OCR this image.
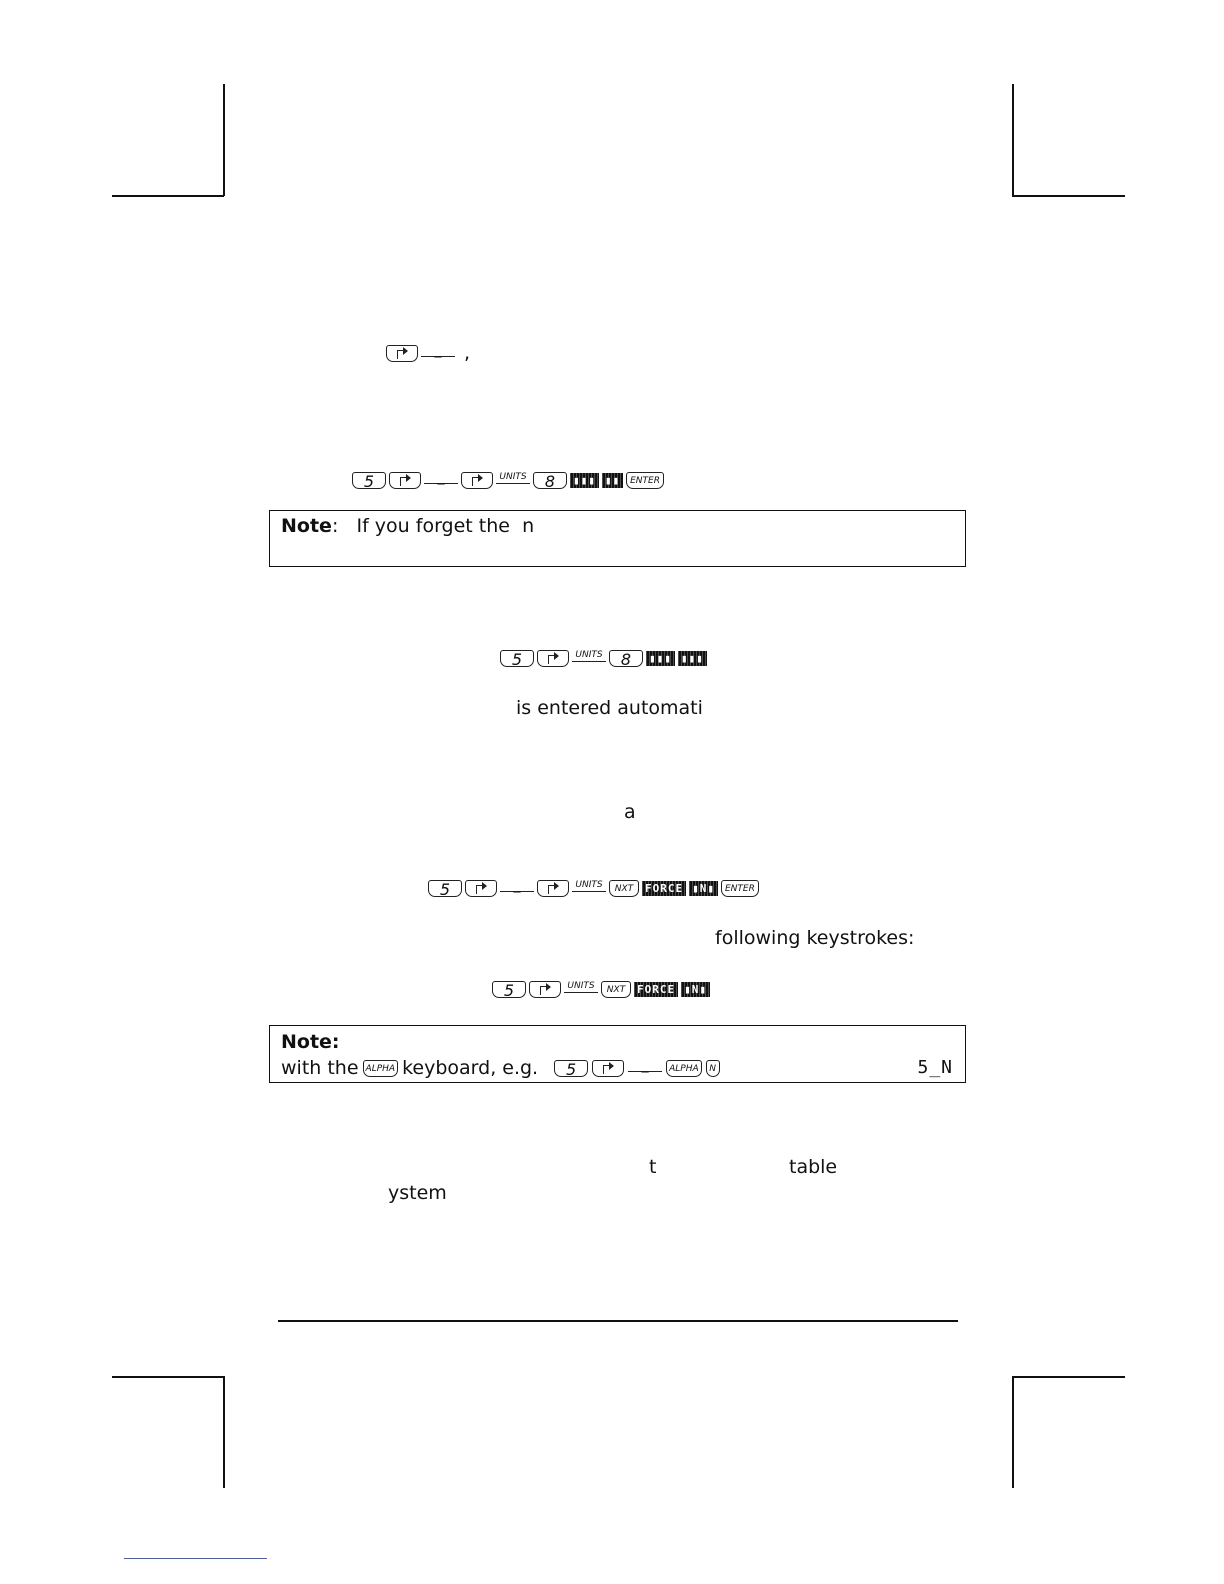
_	,
5	_	UNITS	8	▮▮▮ ▮▮	ENTER
Note: If you forget the n
5	UNITS	8	▮▮▮ ▮▮▮
is entered automati
a
5	_	UNITS	NXT	FORCE ▮N▮	ENTER
following keystrokes:
5	UNITS	NXT	FORCE ▮N▮
Note:
with the ALPHA keyboard, e.g.	5	_	ALPHA	N	5_N
t	table
ystem
